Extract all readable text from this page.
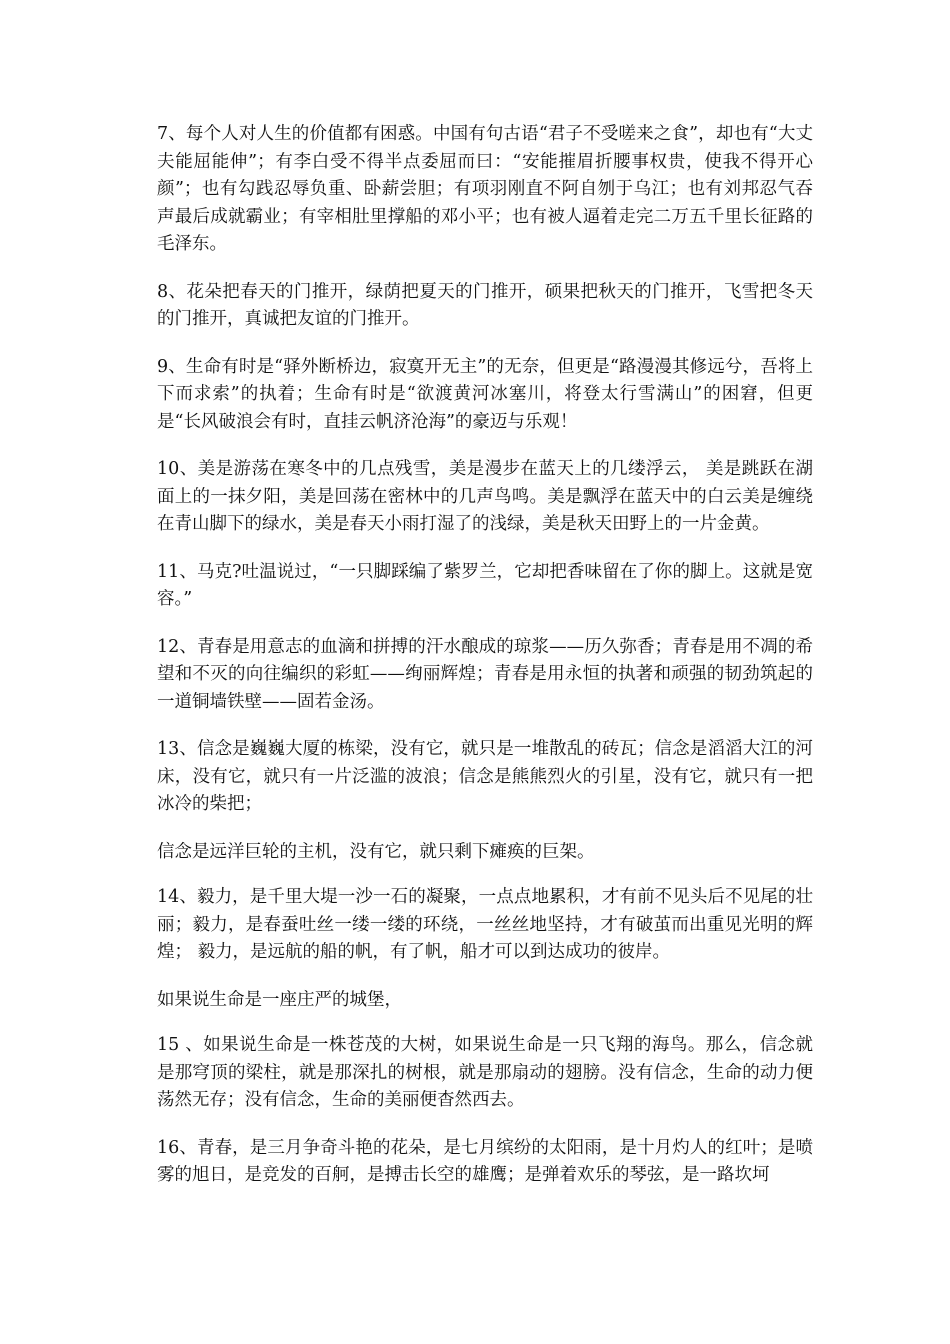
7、每个人对人生的价值都有困惑。中国有句古语“君子不受嗟来之食”，却也有“大丈夫能屈能伸”；有李白受不得半点委屈而曰：“安能摧眉折腰事权贵，使我不得开心颜”；也有勾践忍辱负重、卧薪尝胆；有项羽刚直不阿自刎于乌江；也有刘邦忍气吞声最后成就霸业；有宰相肚里撑船的邓小平；也有被人逼着走完二万五千里长征路的毛泽东。

8、花朵把春天的门推开，绿荫把夏天的门推开，硕果把秋天的门推开，飞雪把冬天的门推开，真诚把友谊的门推开。

9、生命有时是“驿外断桥边，寂寞开无主”的无奈，但更是“路漫漫其修远兮，吾将上下而求索”的执着；生命有时是“欲渡黄河冰塞川，将登太行雪满山”的困窘，但更是“长风破浪会有时，直挂云帆济沧海”的豪迈与乐观！

10、美是游荡在寒冬中的几点残雪，美是漫步在蓝天上的几缕浮云， 美是跳跃在湖面上的一抹夕阳，美是回荡在密林中的几声鸟鸣。美是飘浮在蓝天中的白云美是缠绕在青山脚下的绿水，美是春天小雨打湿了的浅绿，美是秋天田野上的一片金黄。

11、马克?吐温说过，“一只脚踩编了紫罗兰，它却把香味留在了你的脚上。这就是宽容。”

12、青春是用意志的血滴和拼搏的汗水酿成的琼浆——历久弥香；青春是用不凋的希望和不灭的向往编织的彩虹——绚丽辉煌；青春是用永恒的执著和顽强的韧劲筑起的一道铜墙铁壁——固若金汤。

13、信念是巍巍大厦的栋梁，没有它，就只是一堆散乱的砖瓦；信念是滔滔大江的河床，没有它，就只有一片泛滥的波浪；信念是熊熊烈火的引星，没有它，就只有一把冰冷的柴把；

信念是远洋巨轮的主机，没有它，就只剩下瘫痪的巨架。

14、毅力，是千里大堤一沙一石的凝聚，一点点地累积，才有前不见头后不见尾的壮丽；毅力，是春蚕吐丝一缕一缕的环绕，一丝丝地坚持，才有破茧而出重见光明的辉煌； 毅力，是远航的船的帆，有了帆，船才可以到达成功的彼岸。

如果说生命是一座庄严的城堡，

15 、如果说生命是一株苍茂的大树，如果说生命是一只飞翔的海鸟。那么，信念就是那穹顶的梁柱，就是那深扎的树根，就是那扇动的翅膀。没有信念，生命的动力便荡然无存；没有信念，生命的美丽便杳然西去。

16、青春，是三月争奇斗艳的花朵，是七月缤纷的太阳雨，是十月灼人的红叶；是喷雾的旭日，是竞发的百舸，是搏击长空的雄鹰；是弹着欢乐的琴弦，是一路坎坷
